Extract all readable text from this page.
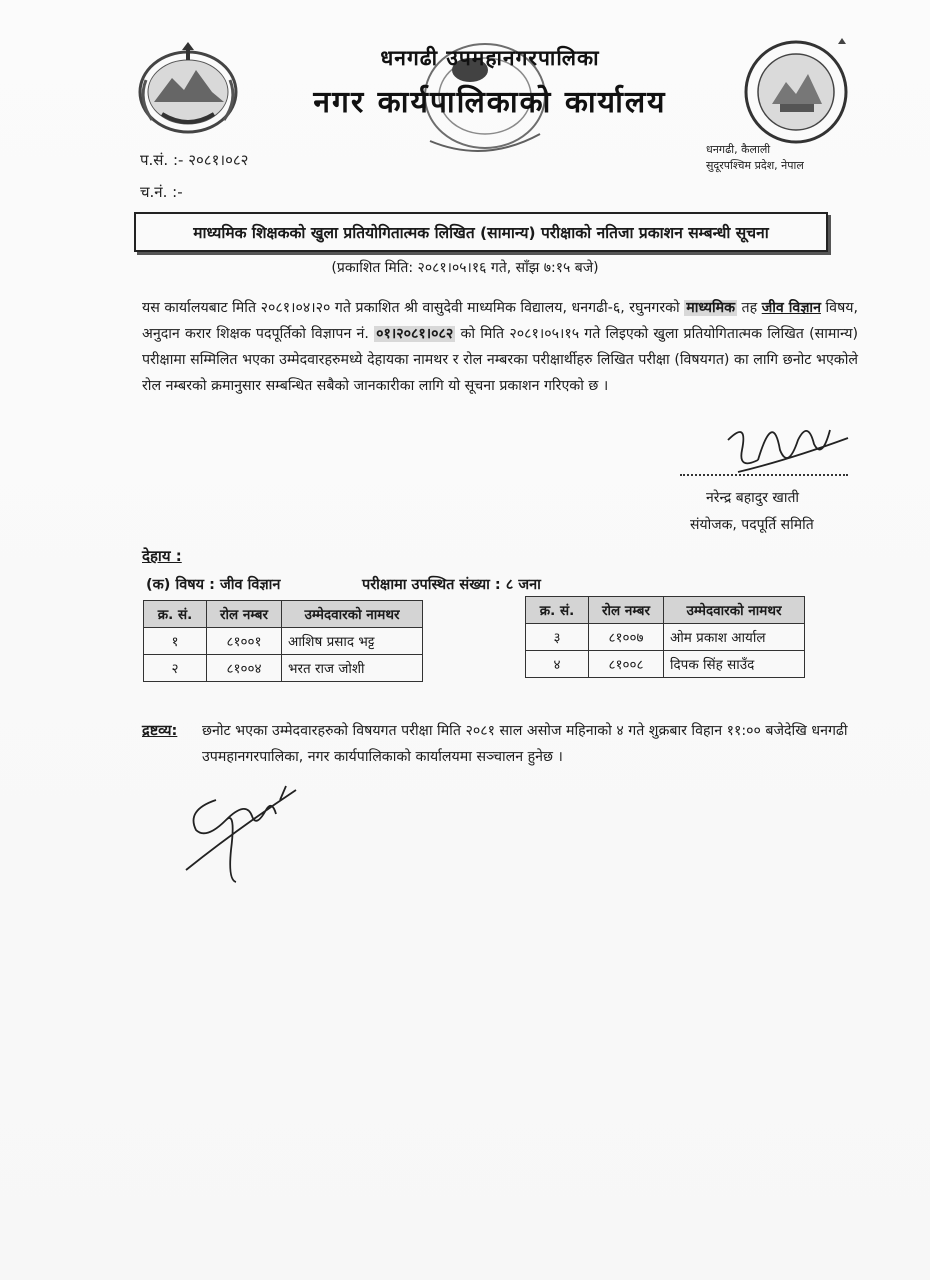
धनगढी उपमहानगरपालिका
नगर कार्यपालिकाको कार्यालय
प.सं. :- २०८१।०८२
च.नं. :-
धनगढी, कैलाली
सुदूरपश्चिम प्रदेश, नेपाल
माध्यमिक शिक्षकको खुला प्रतियोगितात्मक लिखित (सामान्य) परीक्षाको नतिजा प्रकाशन सम्बन्धी सूचना
(प्रकाशित मिति: २०८१।०५।१६ गते, साँझ ७:१५ बजे)
यस कार्यालयबाट मिति २०८१।०४।२० गते प्रकाशित श्री वासुदेवी माध्यमिक विद्यालय, धनगढी-६, रघुनगरको माध्यमिक तह जीव विज्ञान विषय, अनुदान करार शिक्षक पदपूर्तिको विज्ञापन नं. ०१।२०८१।०८२ को मिति २०८१।०५।१५ गते लिइएको खुला प्रतियोगितात्मक लिखित (सामान्य) परीक्षामा सम्मिलित भएका उम्मेदवारहरुमध्ये देहायका नामथर र रोल नम्बरका परीक्षार्थीहरु लिखित परीक्षा (विषयगत) का लागि छनोट भएकोले रोल नम्बरको क्रमानुसार सम्बन्धित सबैको जानकारीका लागि यो सूचना प्रकाशन गरिएको छ ।
नरेन्द्र बहादुर खाती
संयोजक, पदपूर्ति समिति
देहाय :
(क) विषय : जीव विज्ञान	परीक्षामा उपस्थित संख्या : ८ जना
क्र. सं.	रोल नम्बर	उम्मेदवारको नामथर
१	८१००१	आशिष प्रसाद भट्ट
२	८१००४	भरत राज जोशी
क्र. सं.	रोल नम्बर	उम्मेदवारको नामथर
३	८१००७	ओम प्रकाश आर्याल
४	८१००८	दिपक सिंह साउँद
द्रष्टव्य: छनोट भएका उम्मेदवारहरुको विषयगत परीक्षा मिति २०८१ साल असोज महिनाको ४ गते शुक्रबार विहान ११:०० बजेदेखि धनगढी उपमहानगरपालिका, नगर कार्यपालिकाको कार्यालयमा सञ्चालन हुनेछ ।
